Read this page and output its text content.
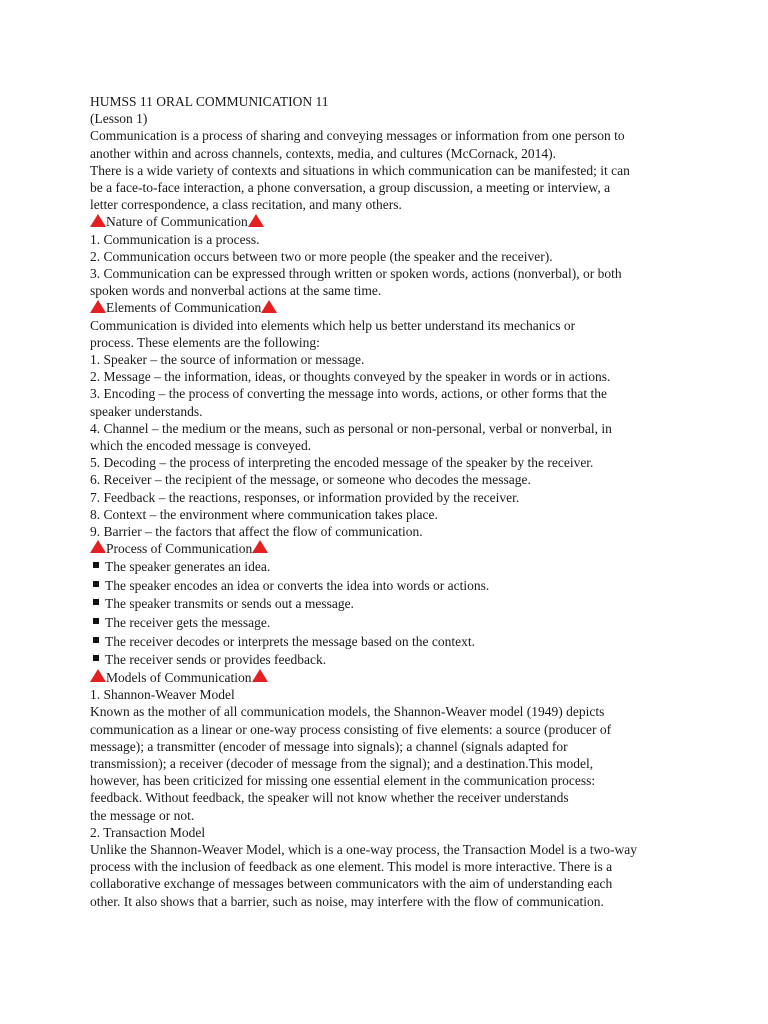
HUMSS 11 ORAL COMMUNICATION 11
(Lesson 1)
Communication is a process of sharing and conveying messages or information from one person to
another within and across channels, contexts, media, and cultures (McCornack, 2014).
There is a wide variety of contexts and situations in which communication can be manifested; it can
be a face-to-face interaction, a phone conversation, a group discussion, a meeting or interview, a
letter correspondence, a class recitation, and many others.
Nature of Communication
1. Communication is a process.
2. Communication occurs between two or more people (the speaker and the receiver).
3. Communication can be expressed through written or spoken words, actions (nonverbal), or both
spoken words and nonverbal actions at the same time.
Elements of Communication
Communication is divided into elements which help us better understand its mechanics or
process. These elements are the following:
1. Speaker – the source of information or message.
2. Message – the information, ideas, or thoughts conveyed by the speaker in words or in actions.
3. Encoding – the process of converting the message into words, actions, or other forms that the
speaker understands.
4. Channel – the medium or the means, such as personal or non-personal, verbal or nonverbal, in
which the encoded message is conveyed.
5. Decoding – the process of interpreting the encoded message of the speaker by the receiver.
6. Receiver – the recipient of the message, or someone who decodes the message.
7. Feedback – the reactions, responses, or information provided by the receiver.
8. Context – the environment where communication takes place.
9. Barrier – the factors that affect the flow of communication.
Process of Communication
The speaker generates an idea.
The speaker encodes an idea or converts the idea into words or actions.
The speaker transmits or sends out a message.
The receiver gets the message.
The receiver decodes or interprets the message based on the context.
The receiver sends or provides feedback.
Models of Communication
1. Shannon-Weaver Model
Known as the mother of all communication models, the Shannon-Weaver model (1949) depicts
communication as a linear or one-way process consisting of five elements: a source (producer of
message); a transmitter (encoder of message into signals); a channel (signals adapted for
transmission); a receiver (decoder of message from the signal); and a destination.This model,
however, has been criticized for missing one essential element in the communication process:
feedback. Without feedback, the speaker will not know whether the receiver understands
the message or not.
2. Transaction Model
Unlike the Shannon-Weaver Model, which is a one-way process, the Transaction Model is a two-way
process with the inclusion of feedback as one element. This model is more interactive. There is a
collaborative exchange of messages between communicators with the aim of understanding each
other. It also shows that a barrier, such as noise, may interfere with the flow of communication.
